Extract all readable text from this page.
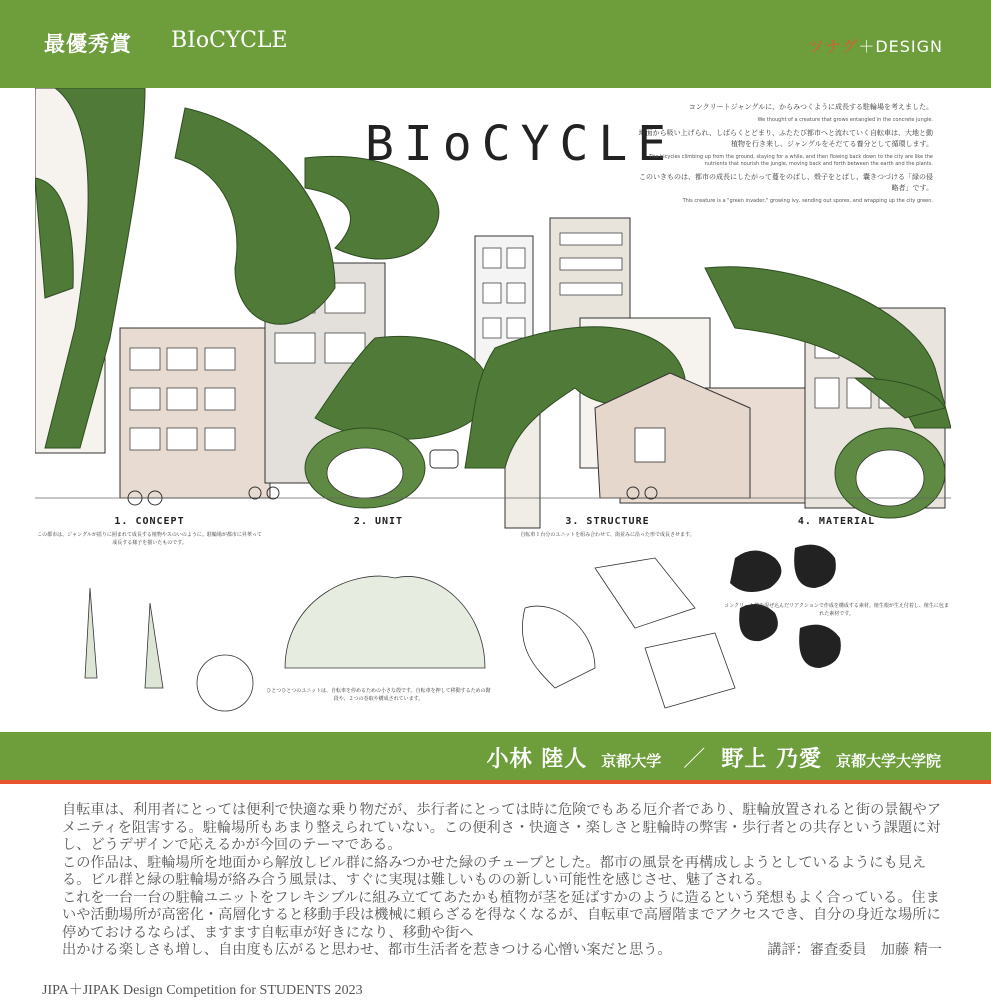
最優秀賞 BIoCYCLE	ツナグ＋DESIGN
BIoCYCLE

コンクリートジャングルに、からみつくように成長する駐輪場を考えました。

We thought of a creature that grows entangled in the concrete jungle.

地面から吸い上げられ、しばらくとどまり、ふたたび都市へと流れていく自転車は、大地と動植物を行き来し、ジャングルをそだてる養分として循環します。

The bicycles climbing up from the ground, staying for a while, and then flowing back down to the city are like the nutrients that nourish the jungle, moving back and forth between the earth and the plants.

このいきものは、都市の成長にしたがって蔓をのばし、殻子をとばし、囊きつづける「緑の侵略者」です。

This creature is a "green invader," growing ivy, sending out spores, and wrapping up the city green.

1. CONCEPT
この都市は、ジャングルが揺りに囲まれて成長する植物やスのいのように。駐輪場が都市に昇華って成長する様子を描いたものです。
2. UNIT
ひとつひとつのユニットは、自転車を停めるための小さな殻です。自転車を押して移動するための階段や、２つの巻取や構成されています。
3. STRUCTURE
自転車１台分のユニットを組み合わせて、街並みに沿った形で成長させます。
4. MATERIAL
コンクリート塊を混ぜ込んだリアクションで作成を構成する素材。植生根が生え付着し、植生に包まれた素材です。
小林 陸人 京都大学 ／ 野上 乃愛 京都大学大学院

自転車は、利用者にとっては便利で快適な乗り物だが、歩行者にとっては時に危険でもある厄介者であり、駐輪放置されると街の景観やアメニティを阻害する。駐輪場所もあまり整えられていない。この便利さ・快適さ・楽しさと駐輪時の弊害・歩行者との共存という課題に対し、どうデザインで応えるかが今回のテーマである。

この作品は、駐輪場所を地面から解放しビル群に絡みつかせた緑のチューブとした。都市の風景を再構成しようとしているようにも見える。ビル群と緑の駐輪場が絡み合う風景は、すぐに実現は難しいものの新しい可能性を感じさせ、魅了される。

これを一台一台の駐輪ユニットをフレキシブルに組み立ててあたかも植物が茎を延ばすかのように造るという発想もよく合っている。住まいや活動場所が高密化・高層化すると移動手段は機械に頼らざるを得なくなるが、自転車で高層階までアクセスでき、自分の身近な場所に停めておけるならば、ますます自転車が好きになり、移動や街へ

出かける楽しさも増し、自由度も広がると思わせ、都市生活者を惹きつける心憎い案だと思う。	講評：審査委員　加藤 精一

JIPA＋JIPAK Design Competition for STUDENTS 2023
